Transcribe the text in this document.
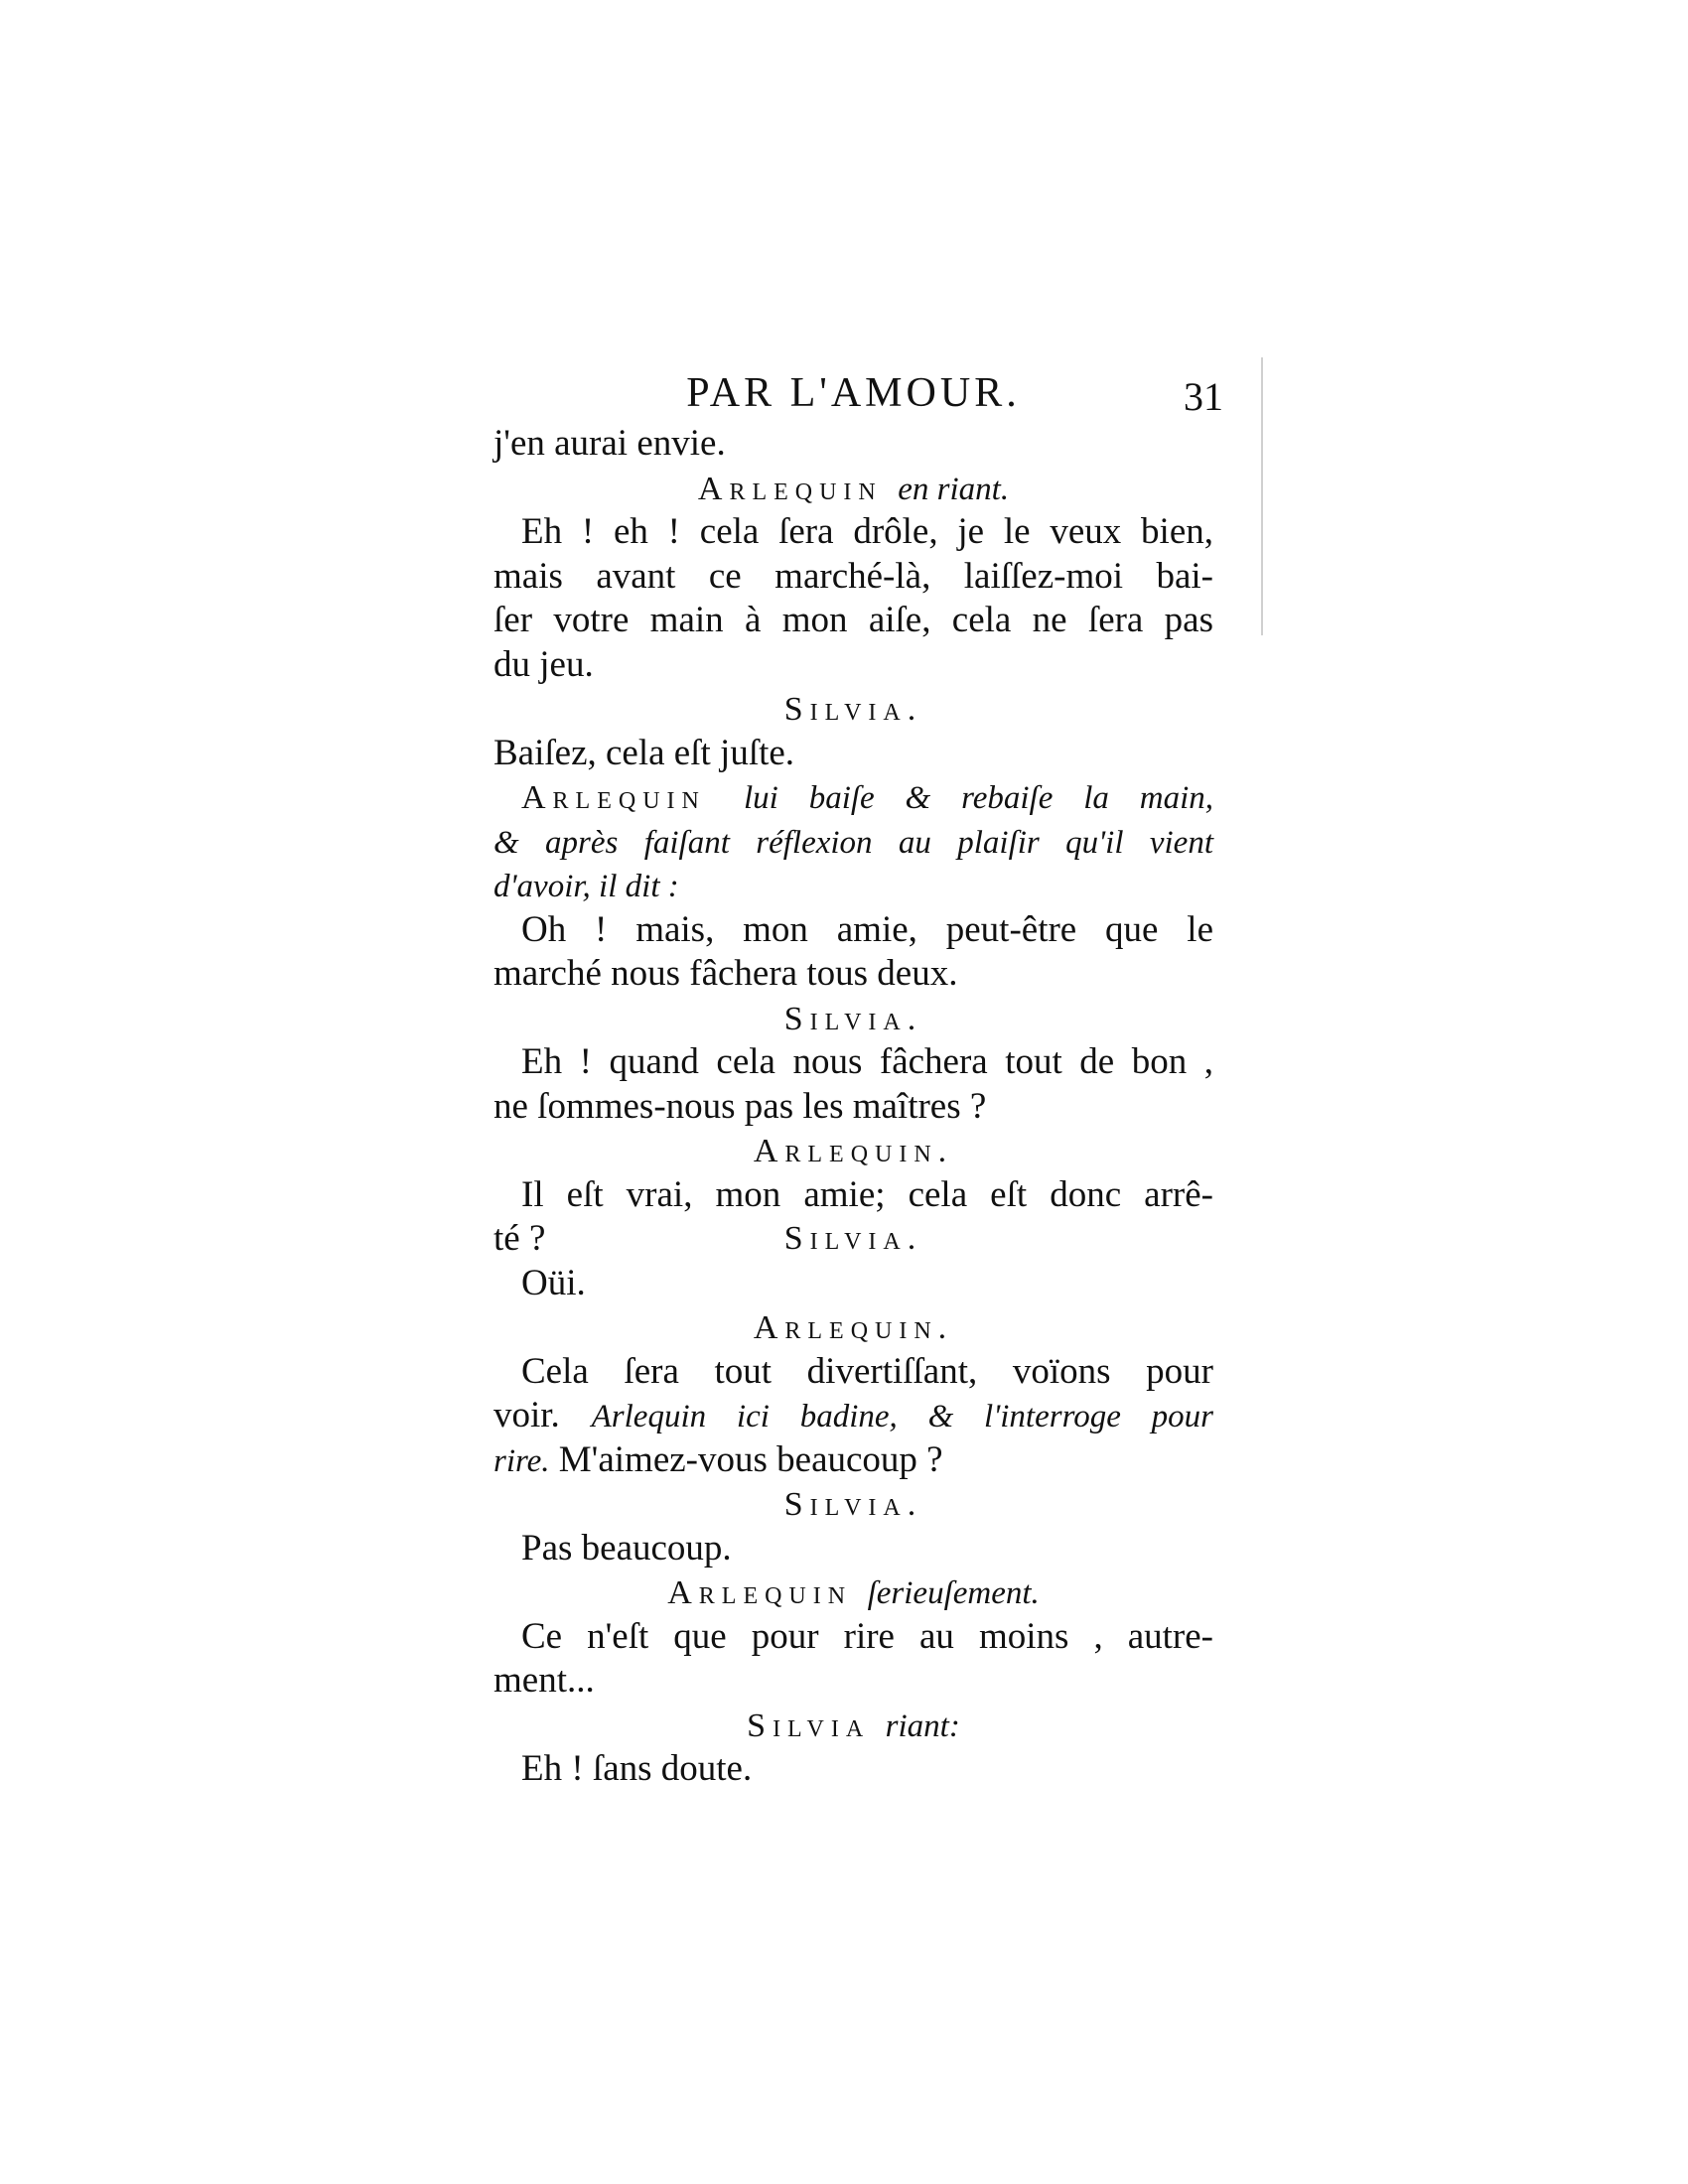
PAR L'AMOUR.	31
j'en aurai envie.
Arlequin en riant.
Eh ! eh ! cela ſera drôle, je le veux bien,
mais avant ce marché-là, laiſſez-moi bai-
ſer votre main à mon aiſe, cela ne ſera pas
du jeu.
Silvia.
Baiſez, cela eſt juſte.
Arlequin lui baiſe & rebaiſe la main,
& après faiſant réflexion au plaiſir qu'il vient
d'avoir, il dit :
Oh ! mais, mon amie, peut-être que le
marché nous fâchera tous deux.
Silvia.
Eh ! quand cela nous fâchera tout de bon ,
ne ſommes-nous pas les maîtres ?
Arlequin.
Il eſt vrai, mon amie; cela eſt donc arrê-
té ?	Silvia.
Oüi.
Arlequin.
Cela ſera tout divertiſſant, voïons pour
voir. Arlequin ici badine, & l'interroge pour
rire. M'aimez-vous beaucoup ?
Silvia.
Pas beaucoup.
Arlequin ſerieuſement.
Ce n'eſt que pour rire au moins , autre-
ment...
Silvia riant:
Eh ! ſans doute.
